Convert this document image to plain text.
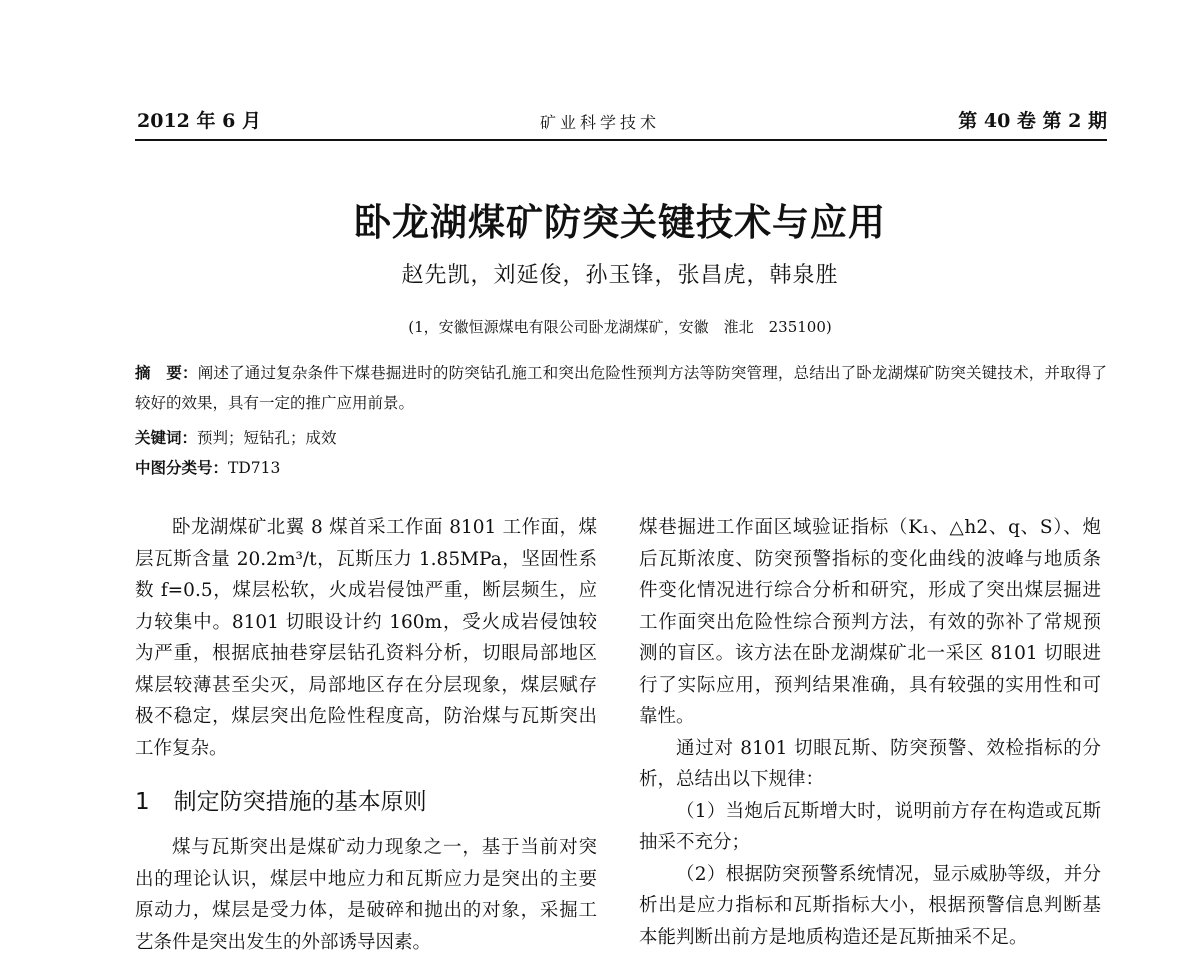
2012 年 6 月	矿业科学技术	第 40 卷 第 2 期
卧龙湖煤矿防突关键技术与应用
赵先凯，刘延俊，孙玉锋，张昌虎，韩泉胜
(1，安徽恒源煤电有限公司卧龙湖煤矿，安徽　淮北　235100)
摘　要：阐述了通过复杂条件下煤巷掘进时的防突钻孔施工和突出危险性预判方法等防突管理，总结出了卧龙湖煤矿防突关键技术，并取得了较好的效果，具有一定的推广应用前景。
关键词：预判；短钻孔；成效
中图分类号：TD713

卧龙湖煤矿北翼 8 煤首采工作面 8101 工作面，煤层瓦斯含量 20.2m³/t，瓦斯压力 1.85MPa，坚固性系数 f=0.5，煤层松软，火成岩侵蚀严重，断层频生，应力较集中。8101 切眼设计约 160m，受火成岩侵蚀较为严重，根据底抽巷穿层钻孔资料分析，切眼局部地区煤层较薄甚至尖灭，局部地区存在分层现象，煤层赋存极不稳定，煤层突出危险性程度高，防治煤与瓦斯突出工作复杂。

1 制定防突措施的基本原则

煤与瓦斯突出是煤矿动力现象之一，基于当前对突出的理论认识，煤层中地应力和瓦斯应力是突出的主要原动力，煤层是受力体，是破碎和抛出的对象，采掘工艺条件是突出发生的外部诱导因素。

煤巷掘进工作面区域验证指标（K₁、△h2、q、S）、炮后瓦斯浓度、防突预警指标的变化曲线的波峰与地质条件变化情况进行综合分析和研究，形成了突出煤层掘进工作面突出危险性综合预判方法，有效的弥补了常规预测的盲区。该方法在卧龙湖煤矿北一采区 8101 切眼进行了实际应用，预判结果准确，具有较强的实用性和可靠性。

通过对 8101 切眼瓦斯、防突预警、效检指标的分析，总结出以下规律：

（1）当炮后瓦斯增大时，说明前方存在构造或瓦斯抽采不充分；

（2）根据防突预警系统情况，显示威胁等级，并分析出是应力指标和瓦斯指标大小，根据预警信息判断基本能判断出前方是地质构造还是瓦斯抽采不足。
